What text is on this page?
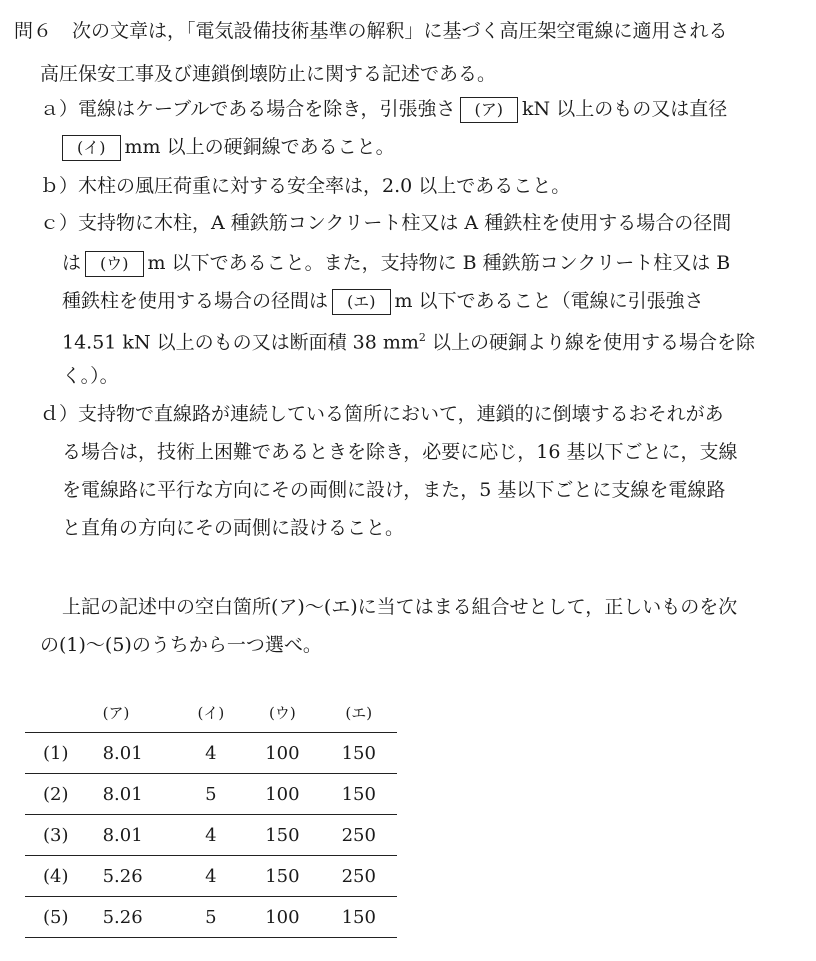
問６ 次の文章は，「電気設備技術基準の解釈」に基づく高圧架空電線に適用される
高圧保安工事及び連鎖倒壊防止に関する記述である。
ａ）電線はケーブルである場合を除き，引張強さ (ア) kN 以上のもの又は直径
(イ) mm 以上の硬銅線であること。
ｂ）木柱の風圧荷重に対する安全率は，2.0 以上であること。
ｃ）支持物に木柱，A 種鉄筋コンクリート柱又は A 種鉄柱を使用する場合の径間
は (ウ) m 以下であること。また，支持物に B 種鉄筋コンクリート柱又は B
種鉄柱を使用する場合の径間は (エ) m 以下であること（電線に引張強さ
14.51 kN 以上のもの又は断面積 38 $mm^2$ 以上の硬銅より線を使用する場合を除
く。）。
ｄ）支持物で直線路が連続している箇所において，連鎖的に倒壊するおそれがあ
る場合は，技術上困難であるときを除き，必要に応じ，16 基以下ごとに，支線
を電線路に平行な方向にその両側に設け，また，5 基以下ごとに支線を電線路
と直角の方向にその両側に設けること。
上記の記述中の空白箇所(ア)～(エ)に当てはまる組合せとして，正しいものを次
の(1)～(5)のうちから一つ選べ。
	(ア)	(イ)	(ウ)	(エ)
(1)	8.01	4	100	150
(2)	8.01	5	100	150
(3)	8.01	4	150	250
(4)	5.26	4	150	250
(5)	5.26	5	100	150
